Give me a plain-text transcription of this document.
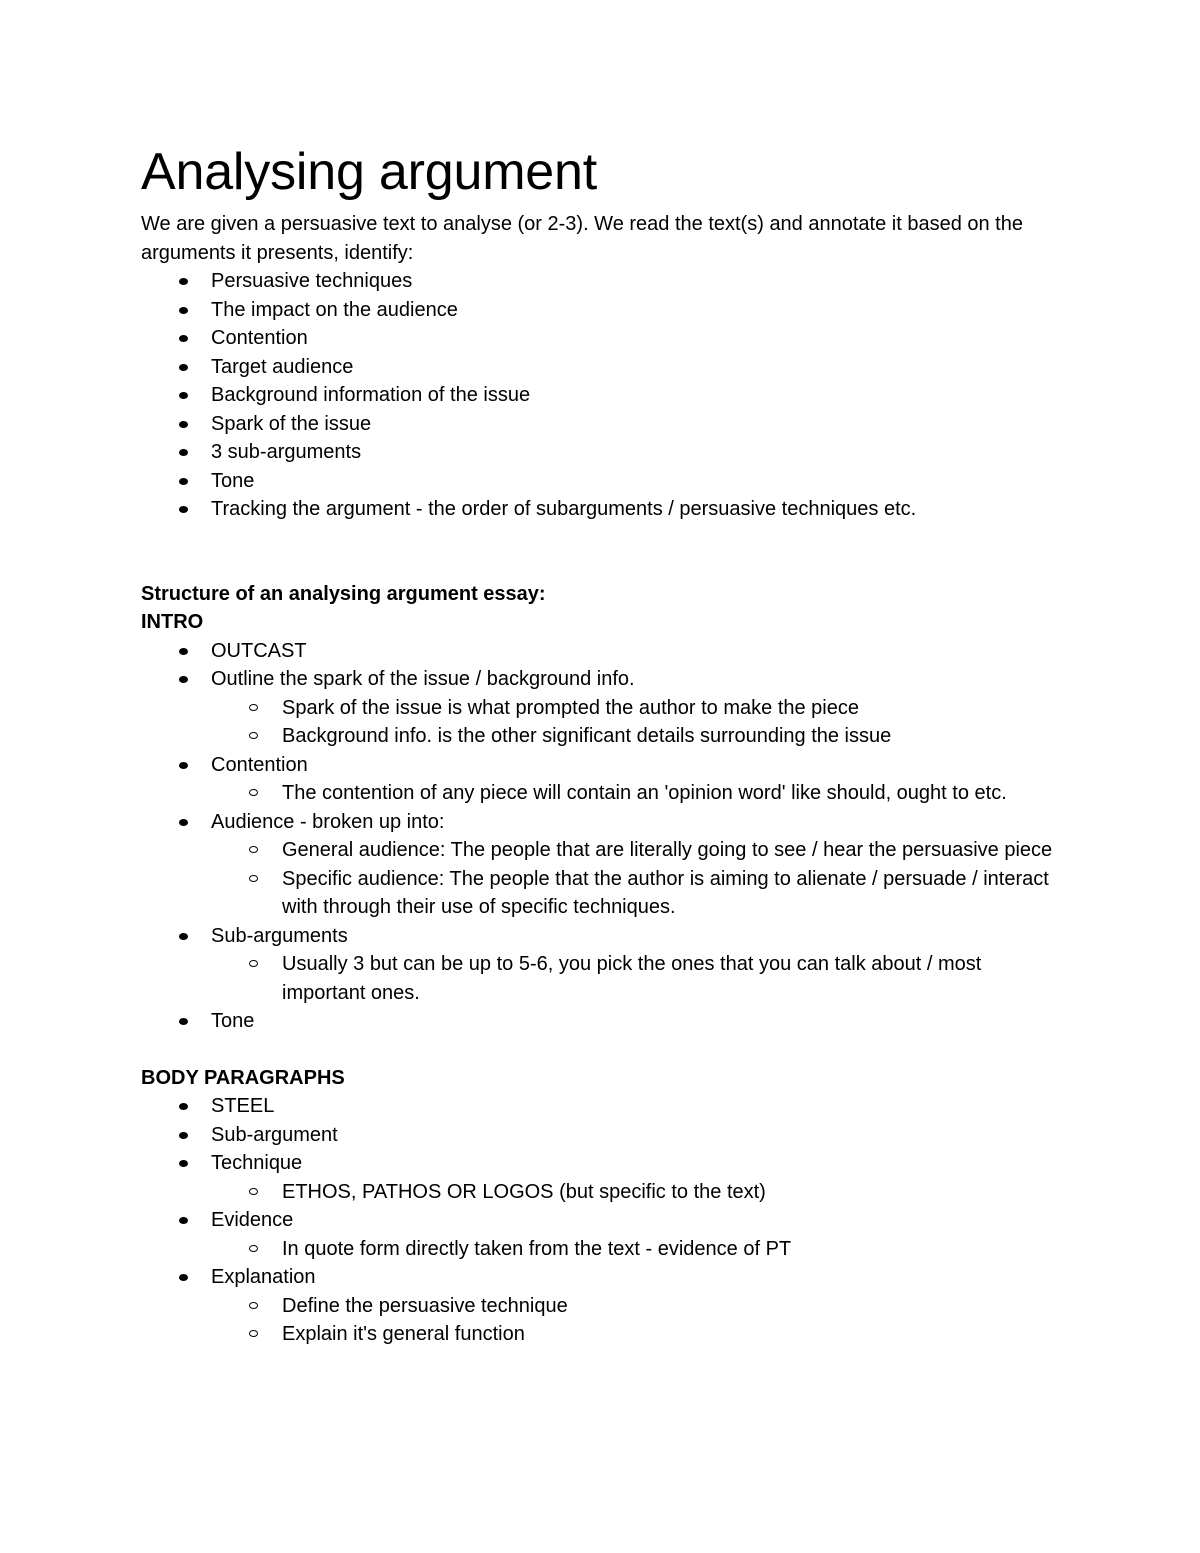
Analysing argument

We are given a persuasive text to analyse (or 2-3). We read the text(s) and annotate it based on the arguments it presents, identify:

Persuasive techniques
The impact on the audience
Contention
Target audience
Background information of the issue
Spark of the issue
3 sub-arguments
Tone
Tracking the argument - the order of subarguments / persuasive techniques etc.
Structure of an analysing argument essay:
INTRO
OUTCAST
Outline the spark of the issue / background info.
Spark of the issue is what prompted the author to make the piece
Background info. is the other significant details surrounding the issue
Contention
The contention of any piece will contain an 'opinion word' like should, ought to etc.
Audience - broken up into:
General audience: The people that are literally going to see / hear the persuasive piece
Specific audience: The people that the author is aiming to alienate / persuade / interact with through their use of specific techniques.
Sub-arguments
Usually 3 but can be up to 5-6, you pick the ones that you can talk about / most important ones.
Tone
BODY PARAGRAPHS
STEEL
Sub-argument
Technique
ETHOS, PATHOS OR LOGOS (but specific to the text)
Evidence
In quote form directly taken from the text - evidence of PT
Explanation
Define the persuasive technique
Explain it's general function
